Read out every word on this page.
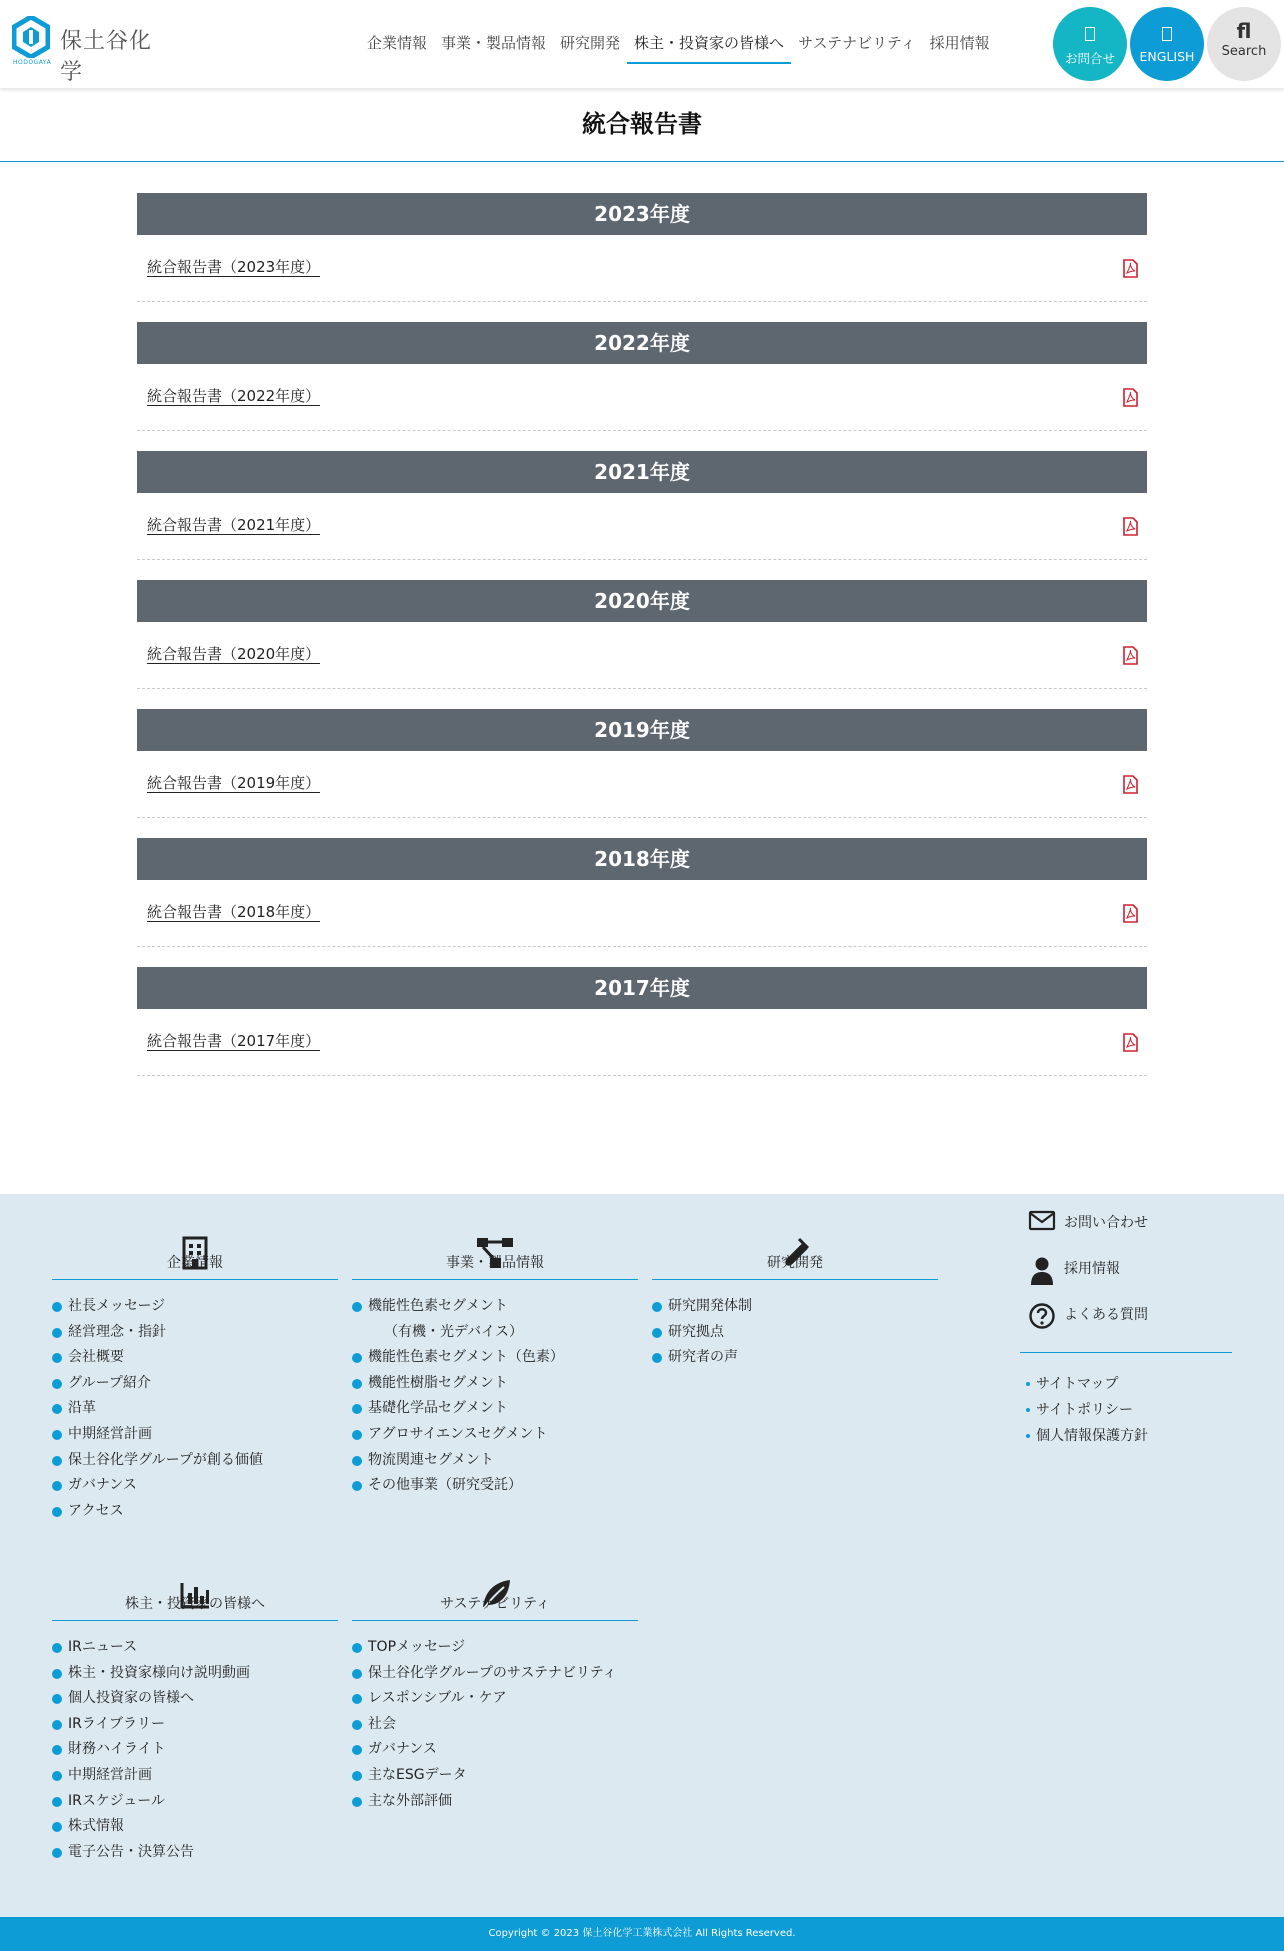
保土谷化学
HODOGAYA
企業情報 事業・製品情報 研究開発 株主・投資家の皆様へ サステナビリティ 採用情報
お問合せ	ENGLISH
fl
Search
統合報告書
2023年度
統合報告書（2023年度）
2022年度
統合報告書（2022年度）
2021年度
統合報告書（2021年度）
2020年度
統合報告書（2020年度）
2019年度
統合報告書（2019年度）
2018年度
統合報告書（2018年度）
2017年度
統合報告書（2017年度）
企業情報
社長メッセージ
経営理念・指針
会社概要
グループ紹介
沿革
中期経営計画
保土谷化学グループが創る価値
ガバナンス
アクセス
事業・製品情報
機能性色素セグメント
（有機・光デバイス）
機能性色素セグメント（色素）
機能性樹脂セグメント
基礎化学品セグメント
アグロサイエンスセグメント
物流関連セグメント
その他事業（研究受託）
研究開発
研究開発体制
研究拠点
研究者の声
株主・投資家の皆様へ
IRニュース
株主・投資家様向け説明動画
個人投資家の皆様へ
IRライブラリー
財務ハイライト
中期経営計画
IRスケジュール
株式情報
電子公告・決算公告
サステナビリティ
TOPメッセージ
保土谷化学グループのサステナビリティ
レスポンシブル・ケア
社会
ガバナンス
主なESGデータ
主な外部評価
お問い合わせ
採用情報
よくある質問
サイトマップ
サイトポリシー
個人情報保護方針
Copyright © 2023 保土谷化学工業株式会社 All Rights Reserved.
